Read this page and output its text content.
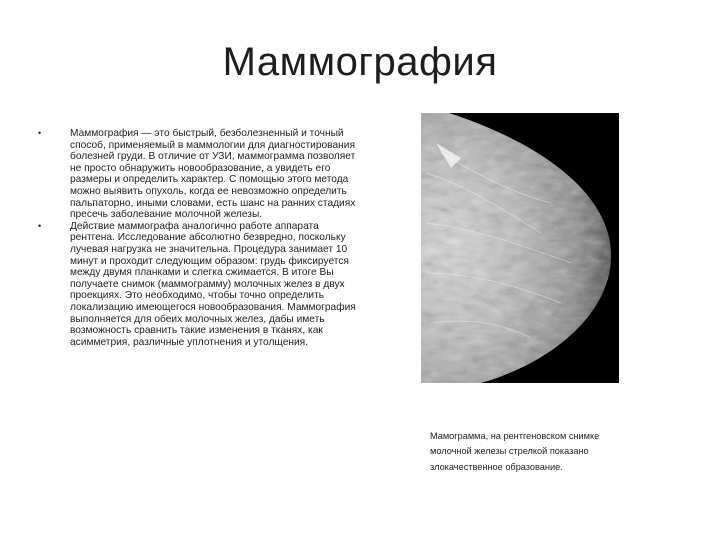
Маммография
•	Маммография — это быстрый, безболезненный и точный способ, применяемый в маммологии для диагностирования болезней груди. В отличие от УЗИ, маммограмма позволяет не просто обнаружить новообразование, а увидеть его размеры и определить характер. С помощью этого метода можно выявить опухоль, когда ее невозможно определить пальпаторно, иными словами, есть шанс на ранних стадиях пресечь заболевание молочной железы.
•	Действие маммографа аналогично работе аппарата рентгена. Исследование абсолютно безвредно, поскольку лучевая нагрузка не значительна. Процедура занимает 10 минут и проходит следующим образом: грудь фиксируется между двумя планками и слегка сжимается. В итоге Вы получаете снимок (маммограмму) молочных желез в двух проекциях. Это необходимо, чтобы точно определить локализацию имеющегося новообразования. Маммография выполняется для обеих молочных желез, дабы иметь возможность сравнить такие изменения в тканях, как асимметрия, различные уплотнения и утолщения.
Мамограмма, на рентгеновском снимке молочной железы стрелкой показано злокачественное образование.
